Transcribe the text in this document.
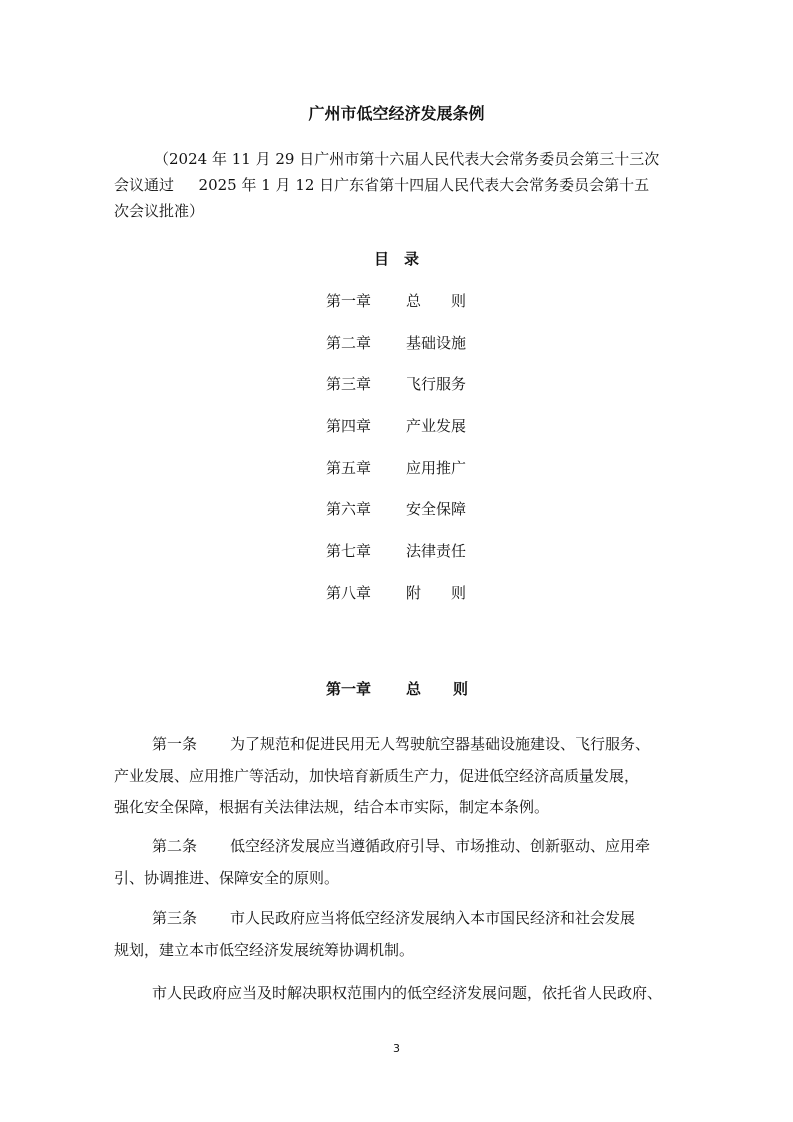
广州市低空经济发展条例
（2024 年 11 月 29 日广州市第十六届人民代表大会常务委员会第三十三次
会议通过 　 2025 年 1 月 12 日广东省第十四届人民代表大会常务委员会第十五
次会议批准）
目　录
第一章 总　　则
第二章 基础设施
第三章 飞行服务
第四章 产业发展
第五章 应用推广
第六章 安全保障
第七章 法律责任
第八章 附　　则
第一章 总　　则
第一条 为了规范和促进民用无人驾驶航空器基础设施建设、飞行服务、
产业发展、应用推广等活动，加快培育新质生产力，促进低空经济高质量发展，
强化安全保障，根据有关法律法规，结合本市实际，制定本条例。
第二条 低空经济发展应当遵循政府引导、市场推动、创新驱动、应用牵
引、协调推进、保障安全的原则。
第三条 市人民政府应当将低空经济发展纳入本市国民经济和社会发展
规划，建立本市低空经济发展统筹协调机制。
市人民政府应当及时解决职权范围内的低空经济发展问题，依托省人民政府、
3
